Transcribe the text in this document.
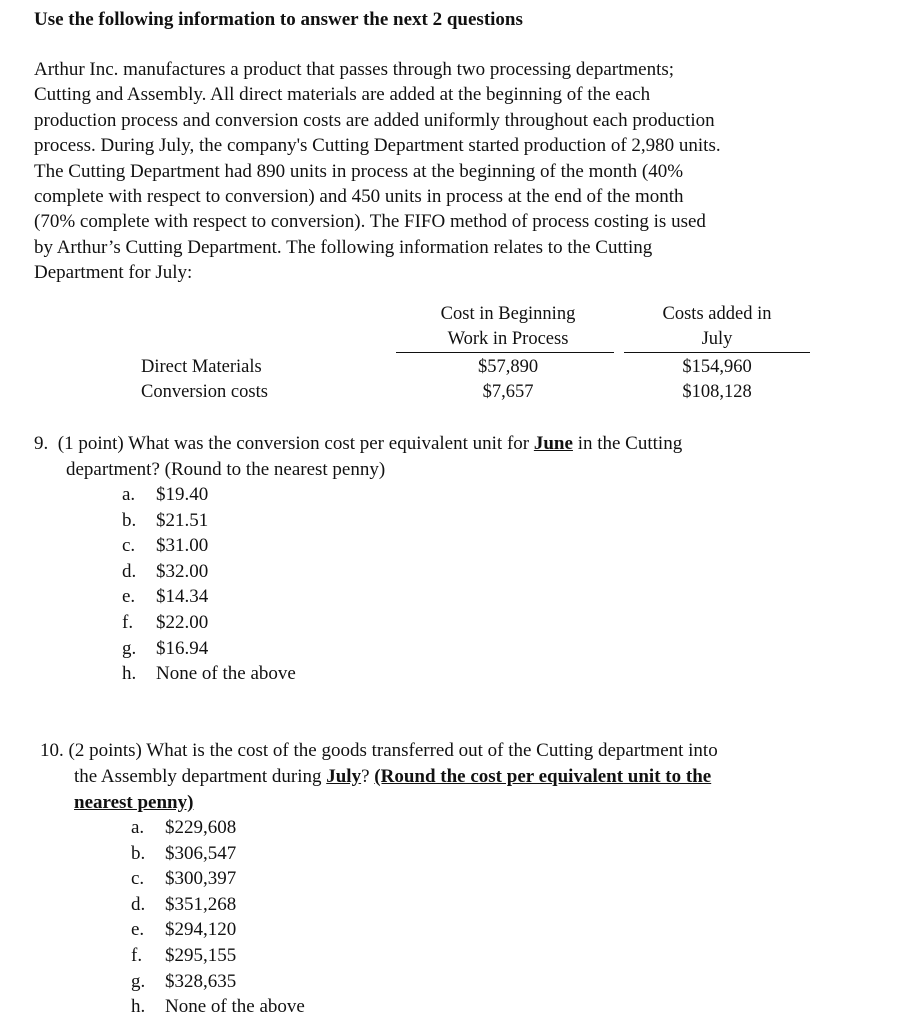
Use the following information to answer the next 2 questions
Arthur Inc. manufactures a product that passes through two processing departments;
Cutting and Assembly. All direct materials are added at the beginning of the each
production process and conversion costs are added uniformly throughout each production
process. During July, the company's Cutting Department started production of 2,980 units.
The Cutting Department had 890 units in process at the beginning of the month (40%
complete with respect to conversion) and 450 units in process at the end of the month
(70% complete with respect to conversion). The FIFO method of process costing is used
by Arthur’s Cutting Department. The following information relates to the Cutting
Department for July:
Cost in Beginning
Work in Process
Costs added in
July
Direct Materials	$57,890	$154,960
Conversion costs	$7,657	$108,128
9. (1 point) What was the conversion cost per equivalent unit for June in the Cutting
department? (Round to the nearest penny)
a. $19.40
b. $21.51
c. $31.00
d. $32.00
e. $14.34
f. $22.00
g. $16.94
h. None of the above
10. (2 points) What is the cost of the goods transferred out of the Cutting department into
the Assembly department during July? (Round the cost per equivalent unit to the
nearest penny)
a. $229,608
b. $306,547
c. $300,397
d. $351,268
e. $294,120
f. $295,155
g. $328,635
h. None of the above
